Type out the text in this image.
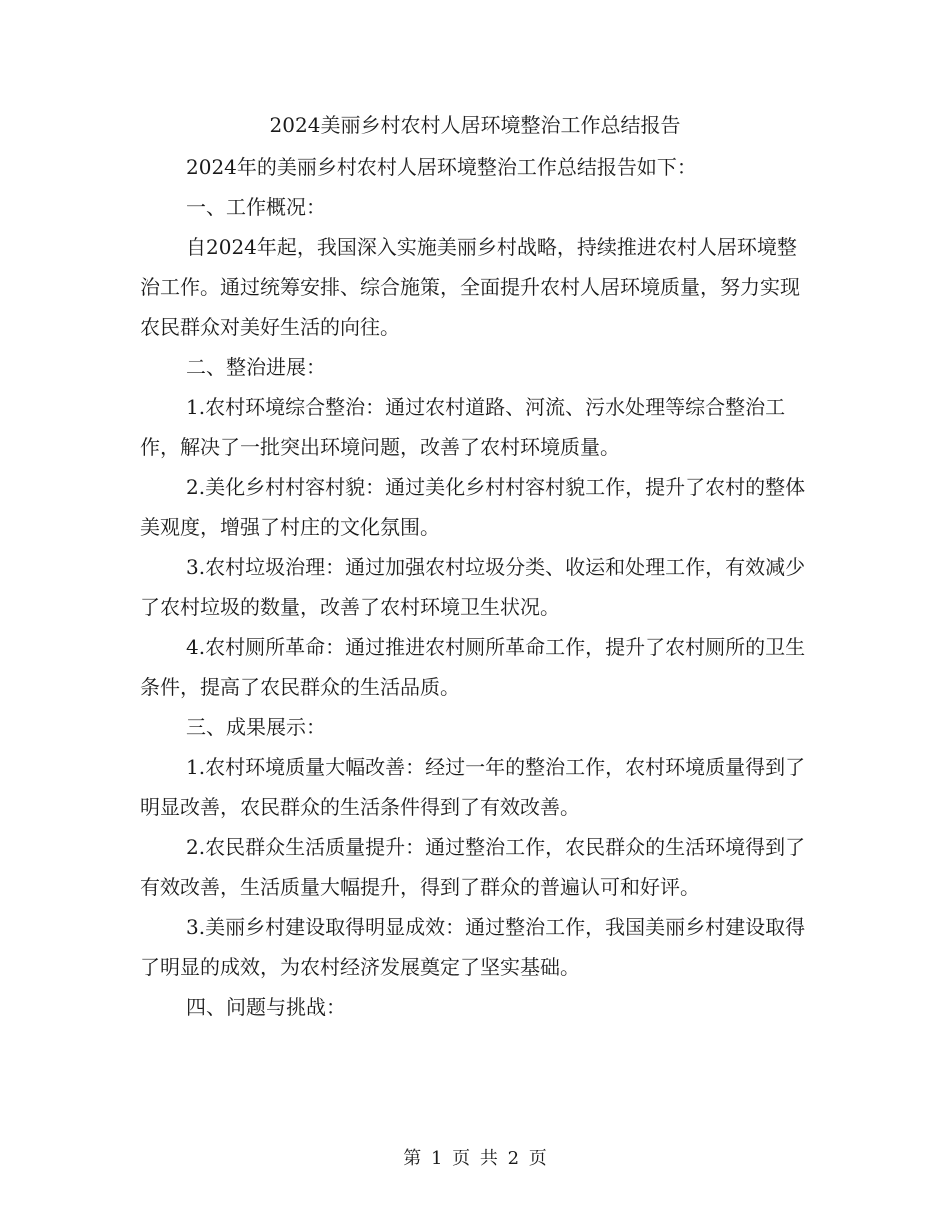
2024美丽乡村农村人居环境整治工作总结报告

2024年的美丽乡村农村人居环境整治工作总结报告如下：

一、工作概况：

自2024年起，我国深入实施美丽乡村战略，持续推进农村人居环境整治工作。通过统筹安排、综合施策，全面提升农村人居环境质量，努力实现农民群众对美好生活的向往。

二、整治进展：

1.农村环境综合整治：通过农村道路、河流、污水处理等综合整治工作，解决了一批突出环境问题，改善了农村环境质量。

2.美化乡村村容村貌：通过美化乡村村容村貌工作，提升了农村的整体美观度，增强了村庄的文化氛围。

3.农村垃圾治理：通过加强农村垃圾分类、收运和处理工作，有效减少了农村垃圾的数量，改善了农村环境卫生状况。

4.农村厕所革命：通过推进农村厕所革命工作，提升了农村厕所的卫生条件，提高了农民群众的生活品质。

三、成果展示：

1.农村环境质量大幅改善：经过一年的整治工作，农村环境质量得到了明显改善，农民群众的生活条件得到了有效改善。

2.农民群众生活质量提升：通过整治工作，农民群众的生活环境得到了有效改善，生活质量大幅提升，得到了群众的普遍认可和好评。

3.美丽乡村建设取得明显成效：通过整治工作，我国美丽乡村建设取得了明显的成效，为农村经济发展奠定了坚实基础。

四、问题与挑战：

第 1 页 共 2 页
